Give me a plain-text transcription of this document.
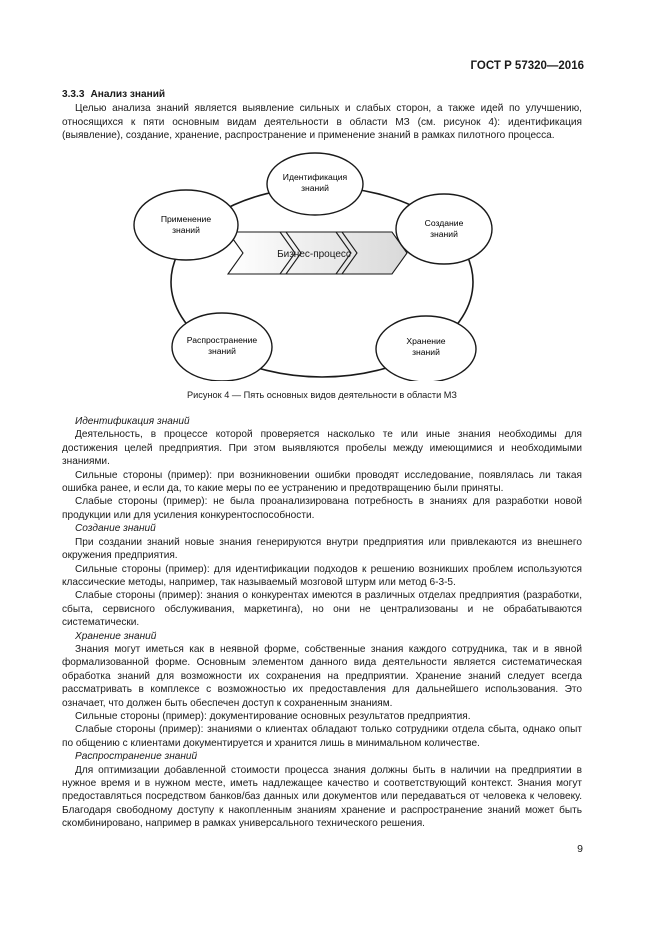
ГОСТ Р 57320—2016

3.3.3 Анализ знаний

Целью анализа знаний является выявление сильных и слабых сторон, а также идей по улучшению, относящихся к пяти основным видам деятельности в области МЗ (см. рисунок 4): идентификация (выявление), создание, хранение, распространение и применение знаний в рамках пилотного процесса.

Бизнес-процесс
Идентификация
знаний
Создание
знаний
Хранение
знаний
Распространение
знаний
Применение
знаний

Рисунок 4 — Пять основных видов деятельности в области МЗ

Идентификация знаний

Деятельность, в процессе которой проверяется насколько те или иные знания необходимы для достижения целей предприятия. При этом выявляются пробелы между имеющимися и необходимыми знаниями.

Сильные стороны (пример): при возникновении ошибки проводят исследование, появлялась ли такая ошибка ранее, и если да, то какие меры по ее устранению и предотвращению были приняты.

Слабые стороны (пример): не была проанализирована потребность в знаниях для разработки новой продукции или для усиления конкурентоспособности.

Создание знаний

При создании знаний новые знания генерируются внутри предприятия или привлекаются из внешнего окружения предприятия.

Сильные стороны (пример): для идентификации подходов к решению возникших проблем используются классические методы, например, так называемый мозговой штурм или метод 6-3-5.

Слабые стороны (пример): знания о конкурентах имеются в различных отделах предприятия (разработки, сбыта, сервисного обслуживания, маркетинга), но они не централизованы и не обрабатываются систематически.

Хранение знаний

Знания могут иметься как в неявной форме, собственные знания каждого сотрудника, так и в явной формализованной форме. Основным элементом данного вида деятельности является систематическая обработка знаний для возможности их сохранения на предприятии. Хранение знаний следует всегда рассматривать в комплексе с возможностью их предоставления для дальнейшего использования. Это означает, что должен быть обеспечен доступ к сохраненным знаниям.

Сильные стороны (пример): документирование основных результатов предприятия.

Слабые стороны (пример): знаниями о клиентах обладают только сотрудники отдела сбыта, однако опыт по общению с клиентами документируется и хранится лишь в минимальном количестве.

Распространение знаний

Для оптимизации добавленной стоимости процесса знания должны быть в наличии на предприятии в нужное время и в нужном месте, иметь надлежащее качество и соответствующий контекст. Знания могут предоставляться посредством банков/баз данных или документов или передаваться от человека к человеку. Благодаря свободному доступу к накопленным знаниям хранение и распространение знаний может быть скомбинировано, например в рамках универсального технического решения.

9
